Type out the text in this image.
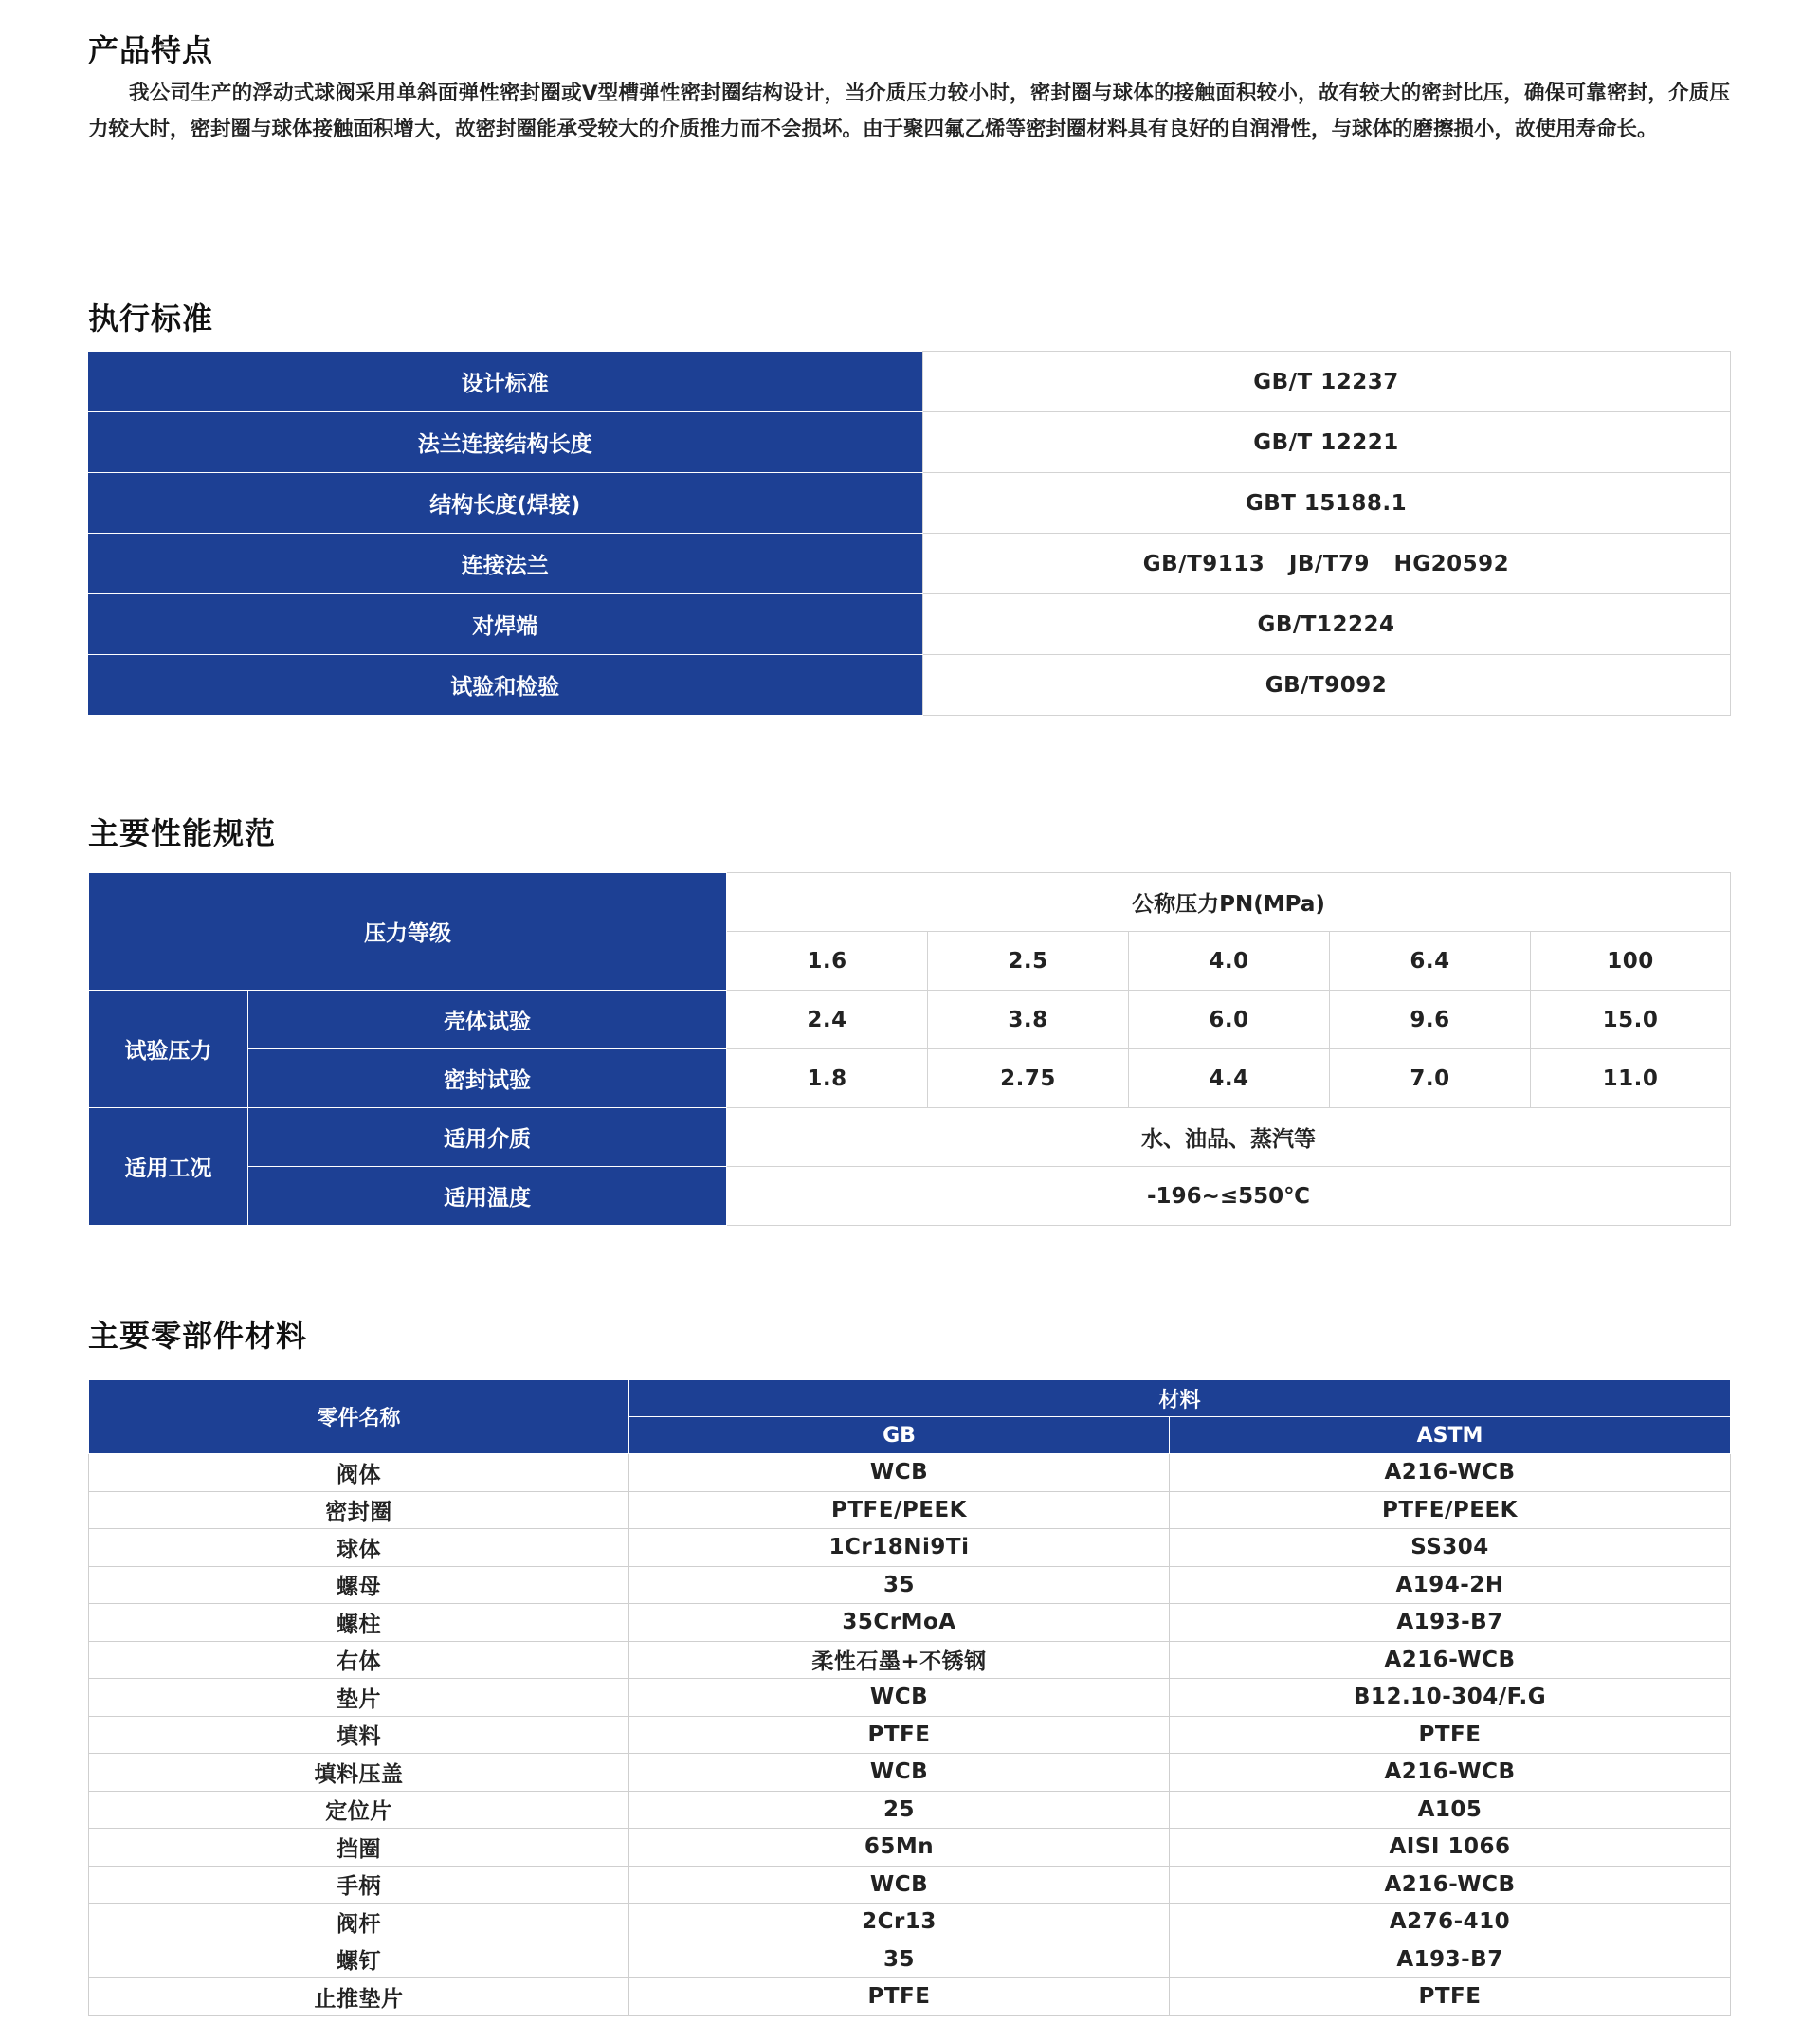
产品特点

我公司生产的浮动式球阀采用单斜面弹性密封圈或V型槽弹性密封圈结构设计，当介质压力较小时，密封圈与球体的接触面积较小，故有较大的密封比压，确保可靠密封，介质压力较大时，密封圈与球体接触面积增大，故密封圈能承受较大的介质推力而不会损坏。由于聚四氟乙烯等密封圈材料具有良好的自润滑性，与球体的磨擦损小，故使用寿命长。

执行标准
设计标准	GB/T 12237
法兰连接结构长度	GB/T 12221
结构长度(焊接)	GBT 15188.1
连接法兰	GB/T9113   JB/T79   HG20592
对焊端	GB/T12224
试验和检验	GB/T9092
主要性能规范
压力等级		公称压力PN(MPa)				
		1.6	2.5	4.0	6.4	100
试验压力	壳体试验	2.4	3.8	6.0	9.6	15.0
	密封试验	1.8	2.75	4.4	7.0	11.0
适用工况	适用介质	水、油品、蒸汽等				
	适用温度	-196~≤550℃				
主要零部件材料
零件名称	材料	
	GB	ASTM
阀体	WCB	A216-WCB
密封圈	PTFE/PEEK	PTFE/PEEK
球体	1Cr18Ni9Ti	SS304
螺母	35	A194-2H
螺柱	35CrMoA	A193-B7
右体	柔性石墨+不锈钢	A216-WCB
垫片	WCB	B12.10-304/F.G
填料	PTFE	PTFE
填料压盖	WCB	A216-WCB
定位片	25	A105
挡圈	65Mn	AISI 1066
手柄	WCB	A216-WCB
阀杆	2Cr13	A276-410
螺钉	35	A193-B7
止推垫片	PTFE	PTFE
